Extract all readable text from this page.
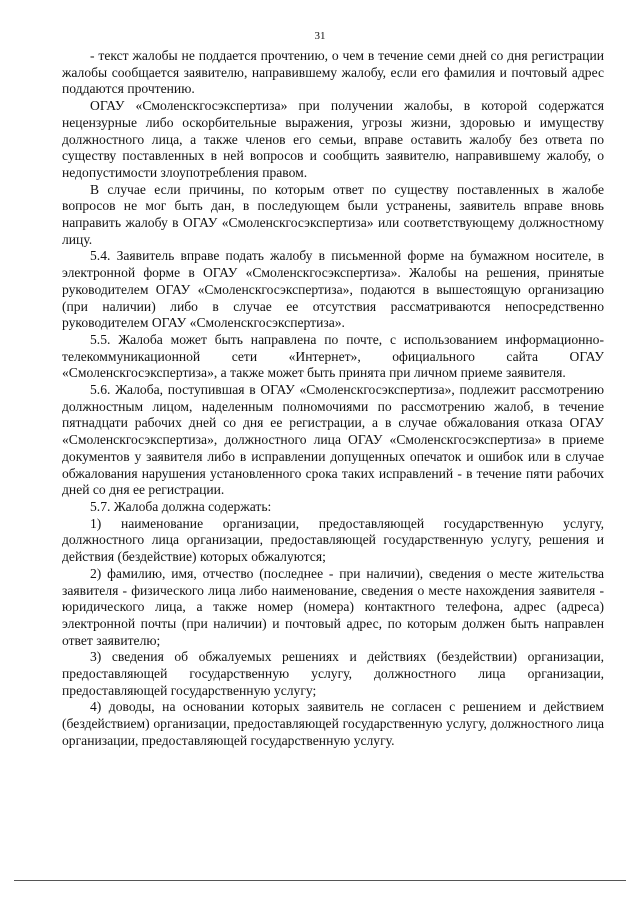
31

- текст жалобы не поддается прочтению, о чем в течение семи дней со дня регистрации жалобы сообщается заявителю, направившему жалобу, если его фамилия и почтовый адрес поддаются прочтению.

ОГАУ «Смоленскгосэкспертиза» при получении жалобы, в которой содержатся нецензурные либо оскорбительные выражения, угрозы жизни, здоровью и имуществу должностного лица, а также членов его семьи, вправе оставить жалобу без ответа по существу поставленных в ней вопросов и сообщить заявителю, направившему жалобу, о недопустимости злоупотребления правом.

В случае если причины, по которым ответ по существу поставленных в жалобе вопросов не мог быть дан, в последующем были устранены, заявитель вправе вновь направить жалобу в ОГАУ «Смоленскгосэкспертиза» или соответствующему должностному лицу.

5.4. Заявитель вправе подать жалобу в письменной форме на бумажном носителе, в электронной форме в ОГАУ «Смоленскгосэкспертиза». Жалобы на решения, принятые руководителем ОГАУ «Смоленскгосэкспертиза», подаются в вышестоящую организацию (при наличии) либо в случае ее отсутствия рассматриваются непосредственно руководителем ОГАУ «Смоленскгосэкспертиза».

5.5. Жалоба может быть направлена по почте, с использованием информационно-телекоммуникационной сети «Интернет», официального сайта ОГАУ «Смоленскгосэкспертиза», а также может быть принята при личном приеме заявителя.

5.6. Жалоба, поступившая в ОГАУ «Смоленскгосэкспертиза», подлежит рассмотрению должностным лицом, наделенным полномочиями по рассмотрению жалоб, в течение пятнадцати рабочих дней со дня ее регистрации, а в случае обжалования отказа ОГАУ «Смоленскгосэкспертиза», должностного лица ОГАУ «Смоленскгосэкспертиза» в приеме документов у заявителя либо в исправлении допущенных опечаток и ошибок или в случае обжалования нарушения установленного срока таких исправлений - в течение пяти рабочих дней со дня ее регистрации.

5.7. Жалоба должна содержать:

1) наименование организации, предоставляющей государственную услугу, должностного лица организации, предоставляющей государственную услугу, решения и действия (бездействие) которых обжалуются;

2) фамилию, имя, отчество (последнее - при наличии), сведения о месте жительства заявителя - физического лица либо наименование, сведения о месте нахождения заявителя - юридического лица, а также номер (номера) контактного телефона, адрес (адреса) электронной почты (при наличии) и почтовый адрес, по которым должен быть направлен ответ заявителю;

3) сведения об обжалуемых решениях и действиях (бездействии) организации, предоставляющей государственную услугу, должностного лица организации, предоставляющей государственную услугу;

4) доводы, на основании которых заявитель не согласен с решением и действием (бездействием) организации, предоставляющей государственную услугу, должностного лица организации, предоставляющей государственную услугу.
